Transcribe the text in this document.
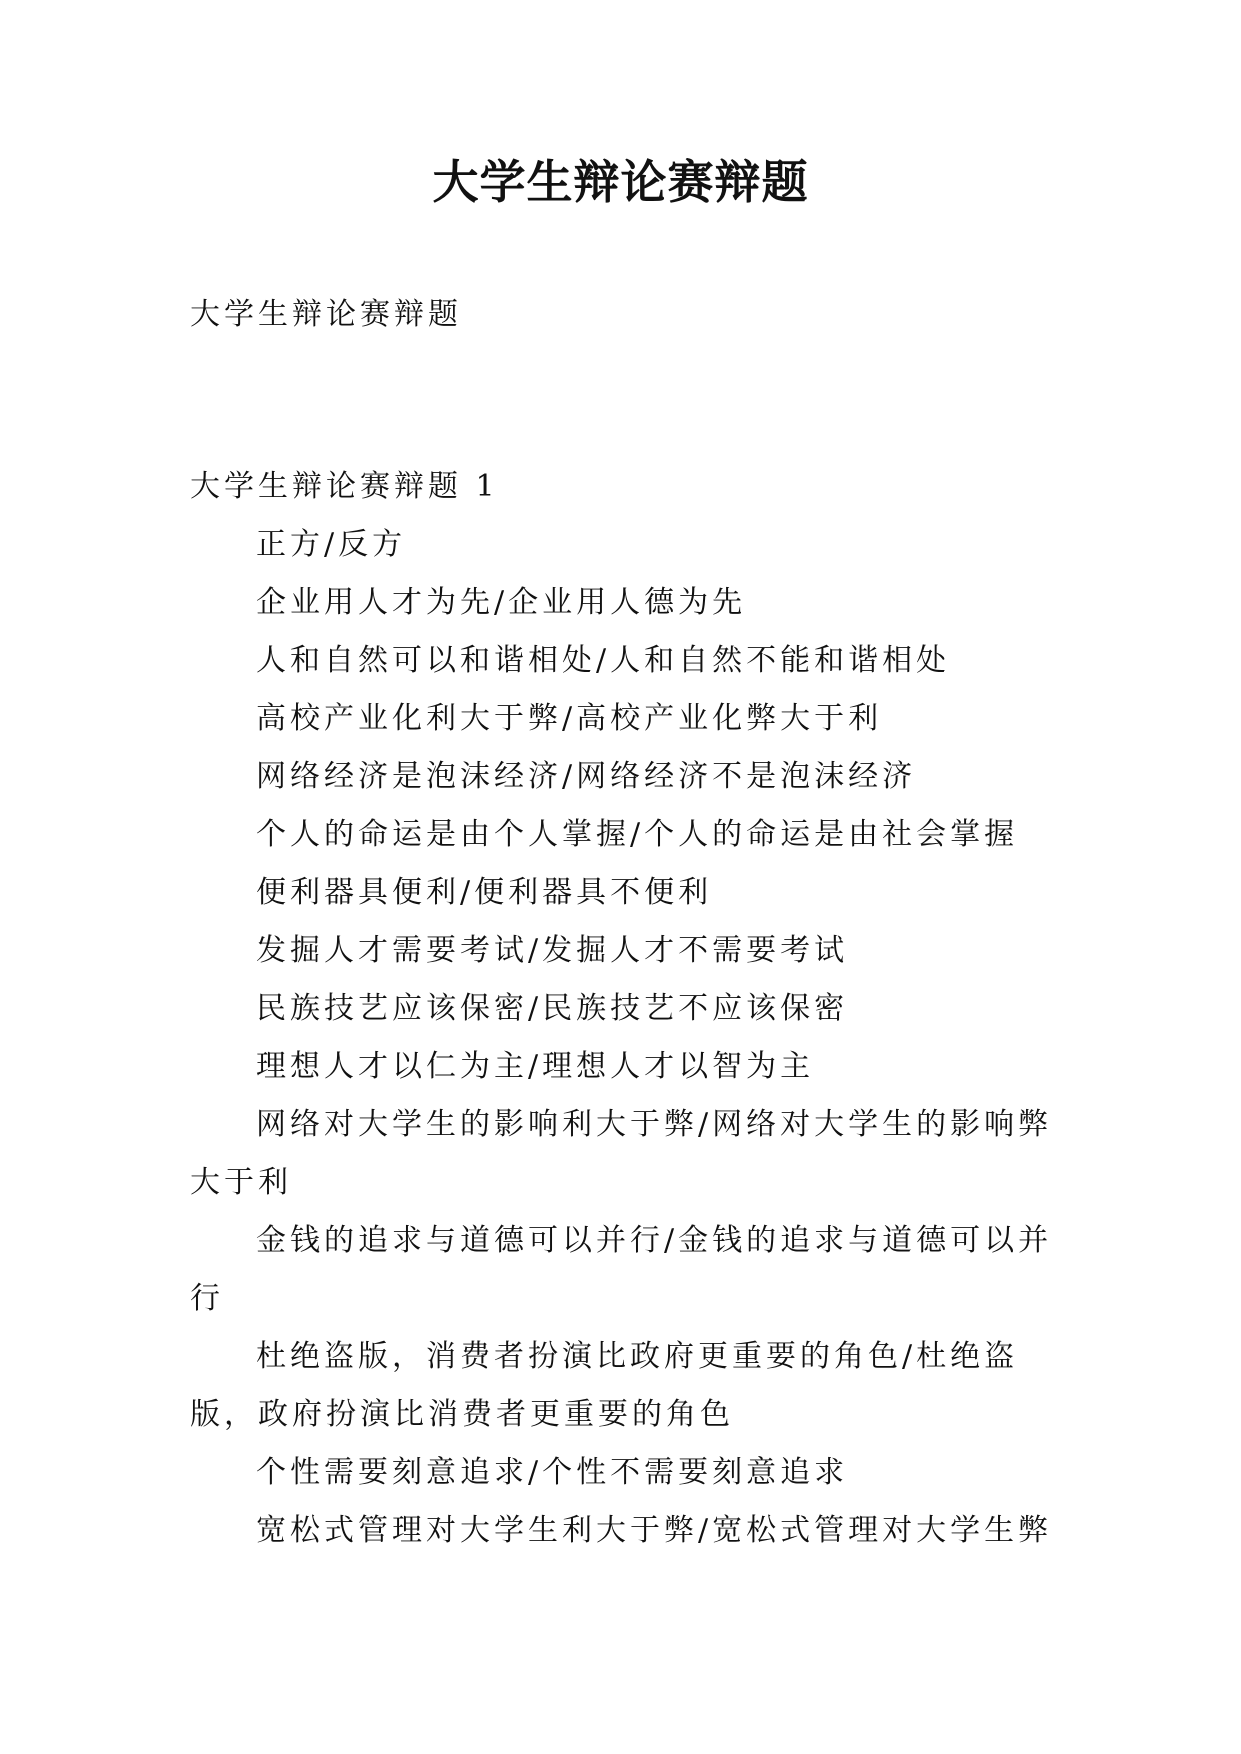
大学生辩论赛辩题

大学生辩论赛辩题

大学生辩论赛辩题 1

正方/反方
企业用人才为先/企业用人德为先
人和自然可以和谐相处/人和自然不能和谐相处
高校产业化利大于弊/高校产业化弊大于利
网络经济是泡沫经济/网络经济不是泡沫经济
个人的命运是由个人掌握/个人的命运是由社会掌握
便利器具便利/便利器具不便利
发掘人才需要考试/发掘人才不需要考试
民族技艺应该保密/民族技艺不应该保密
理想人才以仁为主/理想人才以智为主
网络对大学生的影响利大于弊/网络对大学生的影响弊大于利
金钱的追求与道德可以并行/金钱的追求与道德可以并行
杜绝盗版，消费者扮演比政府更重要的角色/杜绝盗版，政府扮演比消费者更重要的角色
个性需要刻意追求/个性不需要刻意追求
宽松式管理对大学生利大于弊/宽松式管理对大学生弊
